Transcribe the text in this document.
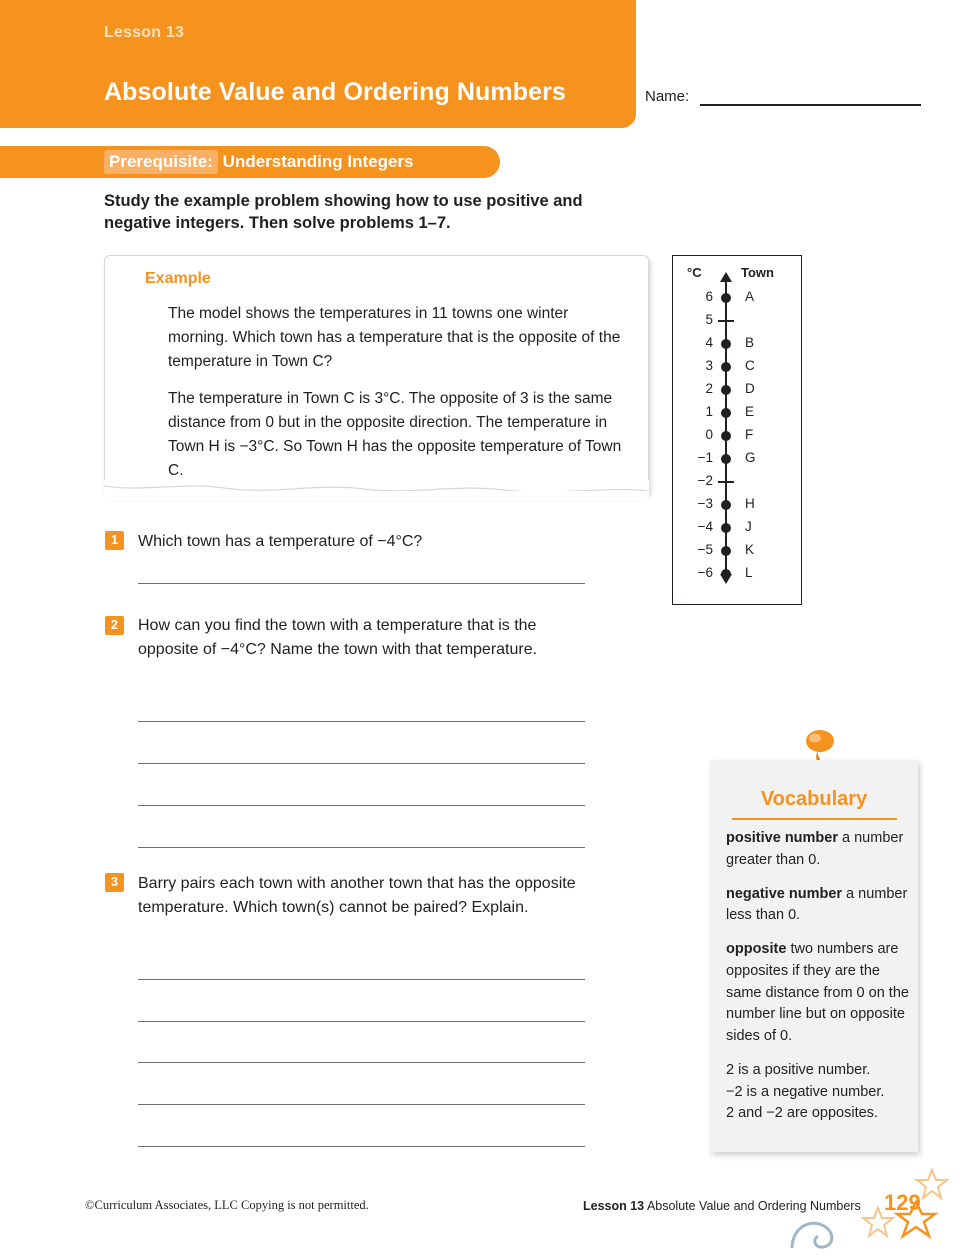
Lesson 13
Absolute Value and Ordering Numbers	Name:
Prerequisite: Understanding Integers
Study the example problem showing how to use positive and negative integers. Then solve problems 1–7.
Example
The model shows the temperatures in 11 towns one winter morning. Which town has a temperature that is the opposite of the temperature in Town C?
The temperature in Town C is 3°C. The opposite of 3 is the same distance from 0 but in the opposite direction. The temperature in Town H is −3°C. So Town H has the opposite temperature of Town C.
°C	Town
6 A
5
4 B
3 C
2 D
1 E
0 F
−1 G
−2
−3 H
−4 J
−5 K
−6 L
1	Which town has a temperature of −4°C?
2	How can you find the town with a temperature that is the opposite of −4°C? Name the town with that temperature.
3	Barry pairs each town with another town that has the opposite temperature. Which town(s) cannot be paired? Explain.
Vocabulary

positive number a number greater than 0.

negative number a number less than 0.

opposite two numbers are opposites if they are the same distance from 0 on the number line but on opposite sides of 0.

2 is a positive number.
−2 is a negative number.
2 and −2 are opposites.

©Curriculum Associates, LLC Copying is not permitted.	Lesson 13 Absolute Value and Ordering Numbers 129
